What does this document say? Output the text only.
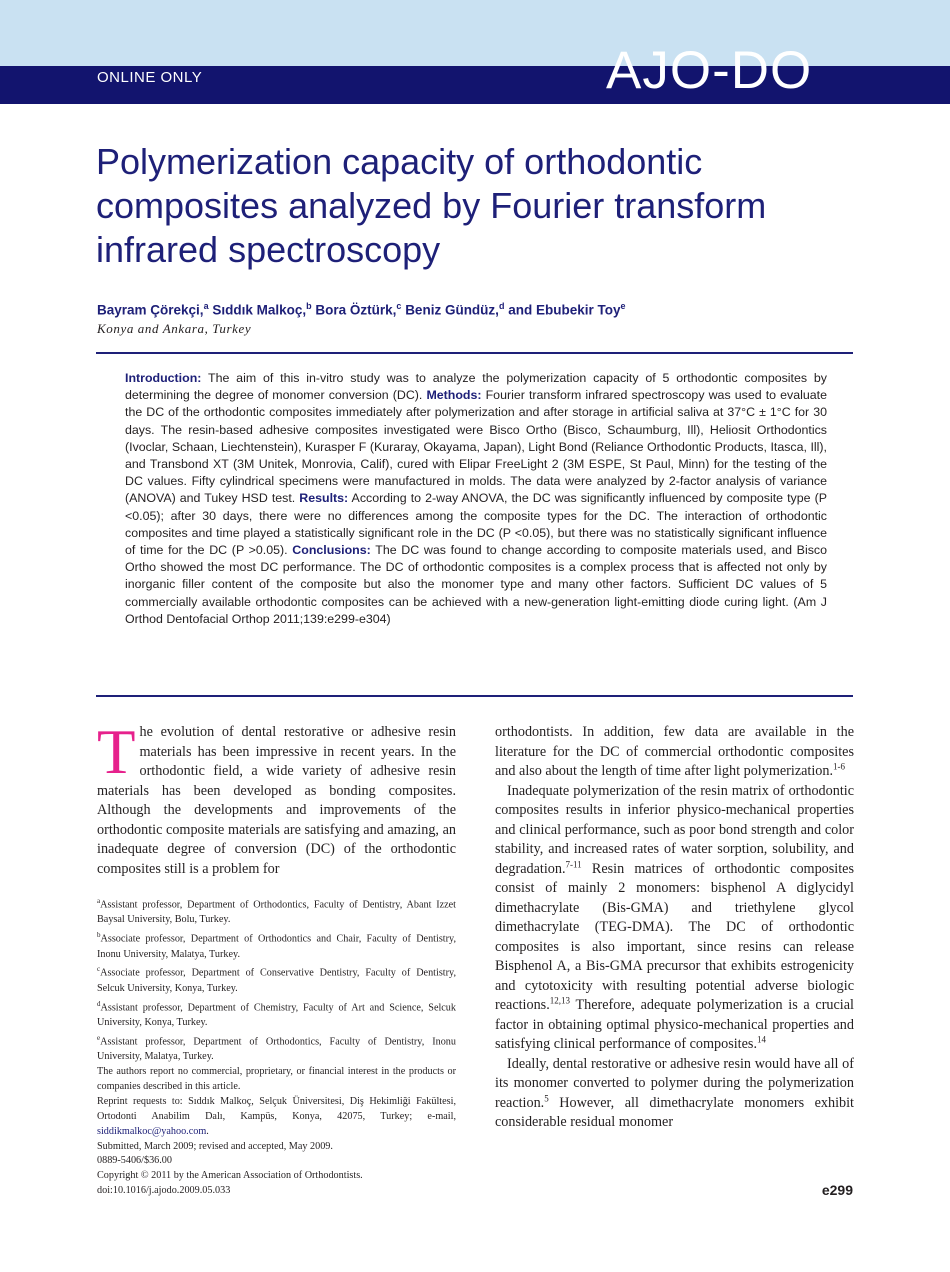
ONLINE ONLY	AJO-DO
Polymerization capacity of orthodontic composites analyzed by Fourier transform infrared spectroscopy
Bayram Çörekçi,$^a$ Sıddık Malkoç,$^b$ Bora Öztürk,$^c$ Beniz Gündüz,$^d$ and Ebubekir Toy$^e$
Konya and Ankara, Turkey

Introduction: The aim of this in-vitro study was to analyze the polymerization capacity of 5 orthodontic composites by determining the degree of monomer conversion (DC). Methods: Fourier transform infrared spectroscopy was used to evaluate the DC of the orthodontic composites immediately after polymerization and after storage in artificial saliva at 37°C ± 1°C for 30 days. The resin-based adhesive composites investigated were Bisco Ortho (Bisco, Schaumburg, Ill), Heliosit Orthodontics (Ivoclar, Schaan, Liechtenstein), Kurasper F (Kuraray, Okayama, Japan), Light Bond (Reliance Orthodontic Products, Itasca, Ill), and Transbond XT (3M Unitek, Monrovia, Calif), cured with Elipar FreeLight 2 (3M ESPE, St Paul, Minn) for the testing of the DC values. Fifty cylindrical specimens were manufactured in molds. The data were analyzed by 2-factor analysis of variance (ANOVA) and Tukey HSD test. Results: According to 2-way ANOVA, the DC was significantly influenced by composite type (P <0.05); after 30 days, there were no differences among the composite types for the DC. The interaction of orthodontic composites and time played a statistically significant role in the DC (P <0.05), but there was no statistically significant influence of time for the DC (P >0.05). Conclusions: The DC was found to change according to composite materials used, and Bisco Ortho showed the most DC performance. The DC of orthodontic composites is a complex process that is affected not only by inorganic filler content of the composite but also the monomer type and many other factors. Sufficient DC values of 5 commercially available orthodontic composites can be achieved with a new-generation light-emitting diode curing light. (Am J Orthod Dentofacial Orthop 2011;139:e299-e304)

The evolution of dental restorative or adhesive resin materials has been impressive in recent years. In the orthodontic field, a wide variety of adhesive resin materials has been developed as bonding composites. Although the developments and improvements of the orthodontic composite materials are satisfying and amazing, an inadequate degree of conversion (DC) of the orthodontic composites still is a problem for

$^a$Assistant professor, Department of Orthodontics, Faculty of Dentistry, Abant Izzet Baysal University, Bolu, Turkey.
$^b$Associate professor, Department of Orthodontics and Chair, Faculty of Dentistry, Inonu University, Malatya, Turkey.
$^c$Associate professor, Department of Conservative Dentistry, Faculty of Dentistry, Selcuk University, Konya, Turkey.
$^d$Assistant professor, Department of Chemistry, Faculty of Art and Science, Selcuk University, Konya, Turkey.
$^e$Assistant professor, Department of Orthodontics, Faculty of Dentistry, Inonu University, Malatya, Turkey.
The authors report no commercial, proprietary, or financial interest in the products or companies described in this article.
Reprint requests to: Sıddık Malkoç, Selçuk Üniversitesi, Diş Hekimliği Fakültesi, Ortodonti Anabilim Dalı, Kampüs, Konya, 42075, Turkey; e-mail, siddikmalkoc@yahoo.com.
Submitted, March 2009; revised and accepted, May 2009.
0889-5406/$36.00
Copyright © 2011 by the American Association of Orthodontists.
doi:10.1016/j.ajodo.2009.05.033

orthodontists. In addition, few data are available in the literature for the DC of commercial orthodontic composites and also about the length of time after light polymerization.$^{1-6}$

Inadequate polymerization of the resin matrix of orthodontic composites results in inferior physico-mechanical properties and clinical performance, such as poor bond strength and color stability, and increased rates of water sorption, solubility, and degradation.$^{7-11}$ Resin matrices of orthodontic composites consist of mainly 2 monomers: bisphenol A diglycidyl dimethacrylate (Bis-GMA) and triethylene glycol dimethacrylate (TEG-DMA). The DC of orthodontic composites is also important, since resins can release Bisphenol A, a Bis-GMA precursor that exhibits estrogenicity and cytotoxicity with resulting potential adverse biologic reactions.$^{12,13}$ Therefore, adequate polymerization is a crucial factor in obtaining optimal physico-mechanical properties and satisfying clinical performance of composites.$^{14}$

Ideally, dental restorative or adhesive resin would have all of its monomer converted to polymer during the polymerization reaction.$^5$ However, all dimethacrylate monomers exhibit considerable residual monomer

e299
